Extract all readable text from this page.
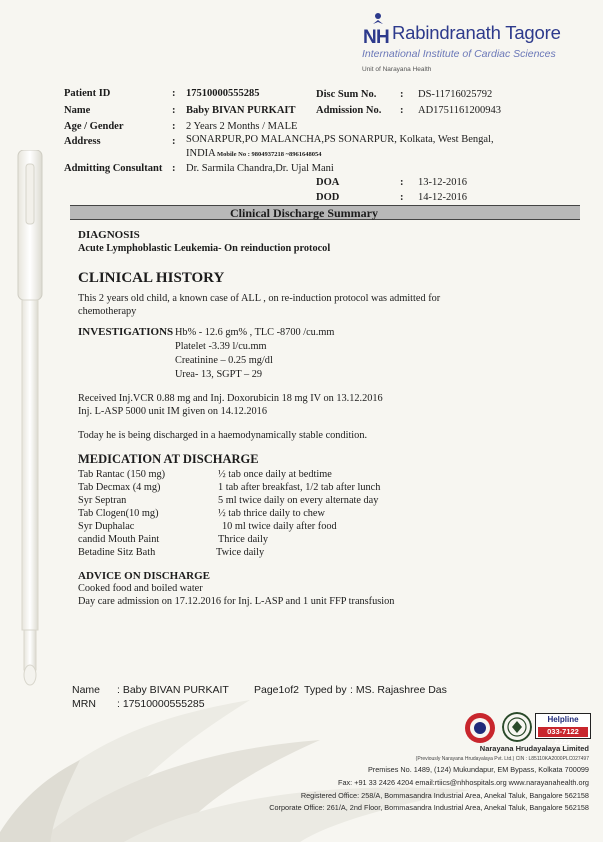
N H Rabindranath Tagore
International Institute of Cardiac Sciences
Unit of Narayana Health
Patient ID	: 17510000555285
Name	: Baby BIVAN PURKAIT
Age / Gender	: 2 Years 2 Months / MALE
Address	: SONARPUR,PO MALANCHA,PS SONARPUR, Kolkata, West Bengal,
INDIA Mobile No : 9804937218 ~8961648054
Admitting Consultant : Dr. Sarmila Chandra,Dr. Ujal Mani
Disc Sum No. : DS-11716025792
Admission No. : AD1751161200943
DOA	: 13-12-2016
DOD	: 14-12-2016
Clinical Discharge Summary
DIAGNOSIS
Acute Lymphoblastic Leukemia- On reinduction protocol
CLINICAL HISTORY
This 2 years old child, a known case of ALL , on re-induction protocol was admitted for
chemotherapy
INVESTIGATIONS Hb% - 12.6 gm% , TLC -8700 /cu.mm
Platelet -3.39 l/cu.mm
Creatinine – 0.25 mg/dl
Urea- 13, SGPT – 29
Received Inj.VCR 0.88 mg and Inj. Doxorubicin 18 mg IV on 13.12.2016
Inj. L-ASP 5000 unit IM given on 14.12.2016
Today he is being discharged in a haemodynamically stable condition.
MEDICATION AT DISCHARGE
Tab Rantac (150 mg)	½ tab once daily at bedtime
Tab Decmax (4 mg)	1 tab after breakfast, 1/2 tab after lunch
Syr Septran	5 ml twice daily on every alternate day
Tab Clogen(10 mg)	½ tab thrice daily to chew
Syr Duphalac	10 ml twice daily after food
candid Mouth Paint	Thrice daily
Betadine Sitz Bath	Twice daily
ADVICE ON DISCHARGE
Cooked food and boiled water
Day care admission on 17.12.2016 for Inj. L-ASP and 1 unit FFP transfusion
Name : Baby BIVAN PURKAIT
MRN : 17510000555285
Page1of2 Typed by : MS. Rajashree Das
Helpline
033-7122 2222
Narayana Hrudayalaya Limited
(Previously Narayana Hrudayalaya Pvt. Ltd.) CIN : L85110KA2000PLC027497
Premises No. 1489, (124) Mukundapur, EM Bypass, Kolkata 700099
Fax: +91 33 2426 4204 email:rtiics@nhhospitals.org www.narayanahealth.org
Registered Office: 258/A, Bommasandra Industrial Area, Anekal Taluk, Bangalore 562158
Corporate Office: 261/A, 2nd Floor, Bommasandra Industrial Area, Anekal Taluk, Bangalore 562158
